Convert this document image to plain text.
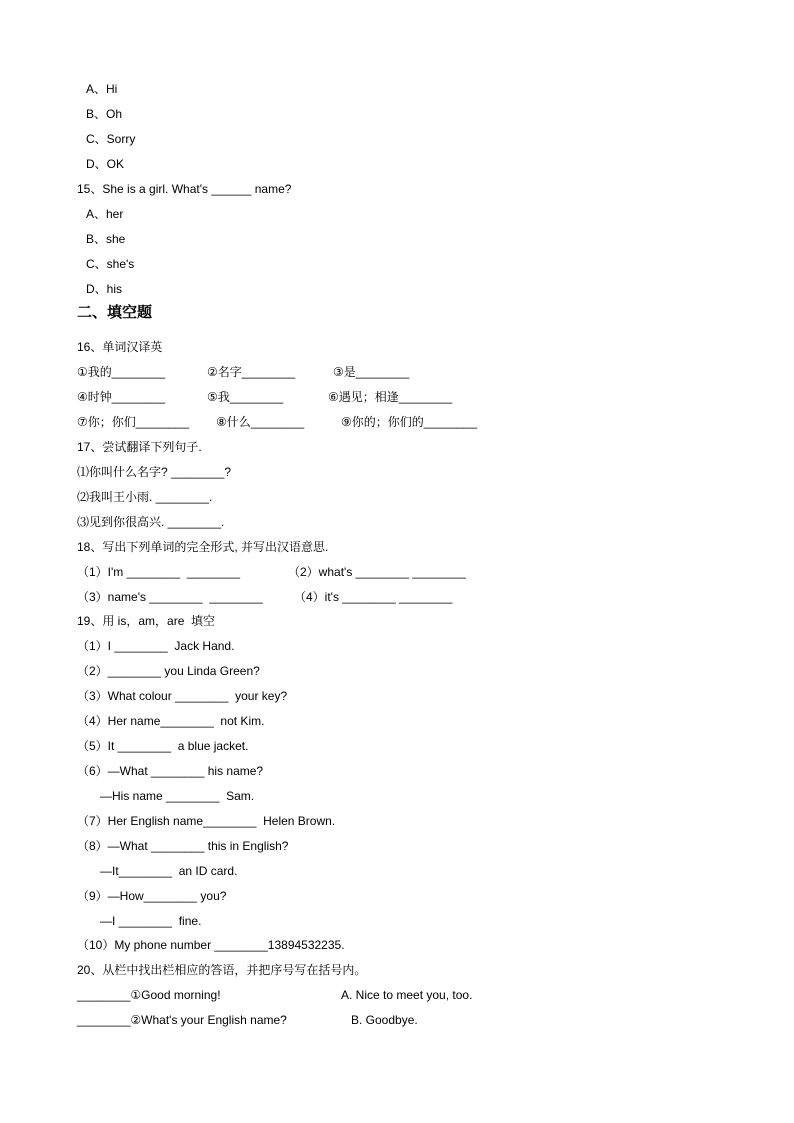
A、Hi
B、Oh
C、Sorry
D、OK
15、She is a girl. What's ______ name?
A、her
B、she
C、she's
D、his
二、填空题
16、单词汉译英
①我的________	②名字________	③是________
④时钟________	⑤我________	⑥遇见；相逢________
⑦你；你们________ ⑧什么________	⑨你的；你们的________
17、尝试翻译下列句子.
⑴你叫什么名字? ________?
⑵我叫王小雨. ________.
⑶见到你很高兴. ________.
18、写出下列单词的完全形式, 并写出汉语意思.
（1）I'm ________  ________	（2）what's ________ ________
（3）name's ________  ________	（4）it's ________ ________
19、用 is，am，are  填空
（1）I ________  Jack Hand.
（2）________ you Linda Green?
（3）What colour ________  your key?
（4）Her name________  not Kim.
（5）It ________  a blue jacket.
（6）—What ________ his name?
—His name ________  Sam.
（7）Her English name________  Helen Brown.
（8）—What ________ this in English?
—It________  an ID card.
（9）—How________ you?
—I ________  fine.
（10）My phone number ________13894532235.
20、从栏中找出栏相应的答语，并把序号写在括号内。
________①Good morning!	A. Nice to meet you, too.
________②What's your English name?	B. Goodbye.
